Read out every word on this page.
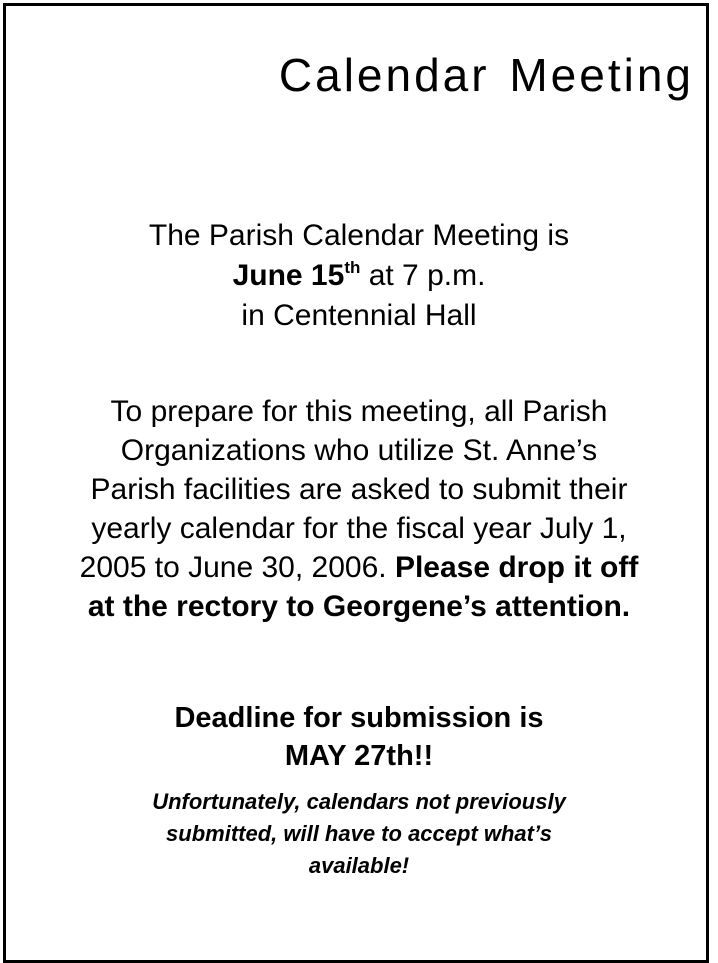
Calendar Meeting
The Parish Calendar Meeting is
June 15th at 7 p.m.
in Centennial Hall
To prepare for this meeting, all Parish
Organizations who utilize St. Anne’s
Parish facilities are asked to submit their
yearly calendar for the fiscal year July 1,
2005 to June 30, 2006. Please drop it off
at the rectory to Georgene’s attention.
Deadline for submission is
MAY 27th!!
Unfortunately, calendars not previously
submitted, will have to accept what’s
available!
